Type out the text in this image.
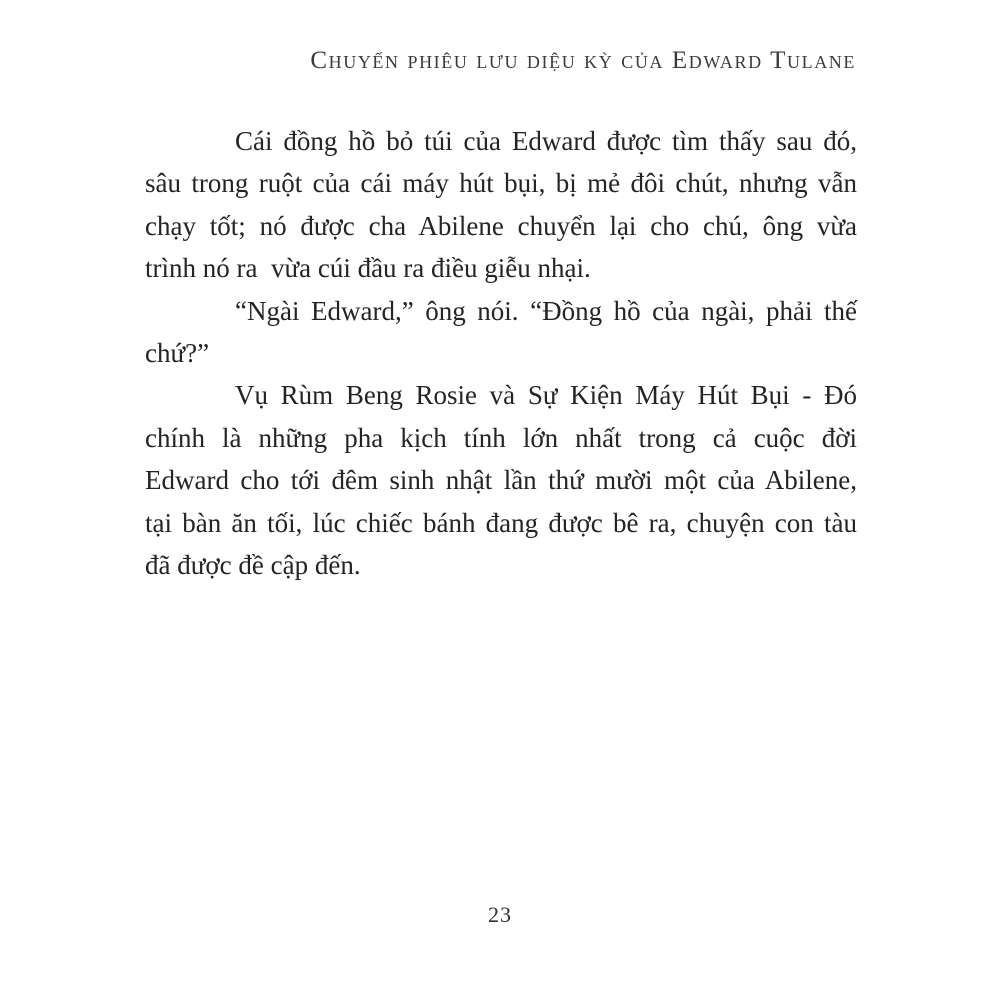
Chuyến phiêu lưu diệu kỳ của Edward Tulane
Cái đồng hồ bỏ túi của Edward được tìm thấy sau đó,
sâu trong ruột của cái máy hút bụi, bị mẻ đôi chút, nhưng vẫn
chạy tốt; nó được cha Abilene chuyển lại cho chú, ông vừa
trình nó ra  vừa cúi đầu ra điều giễu nhại.
“Ngài Edward,” ông nói. “Đồng hồ của ngài, phải thế
chứ?”
Vụ Rùm Beng Rosie và Sự Kiện Máy Hút Bụi - Đó
chính là những pha kịch tính lớn nhất trong cả cuộc đời
Edward cho tới đêm sinh nhật lần thứ mười một của Abilene,
tại bàn ăn tối, lúc chiếc bánh đang được bê ra, chuyện con tàu
đã được đề cập đến.
23
